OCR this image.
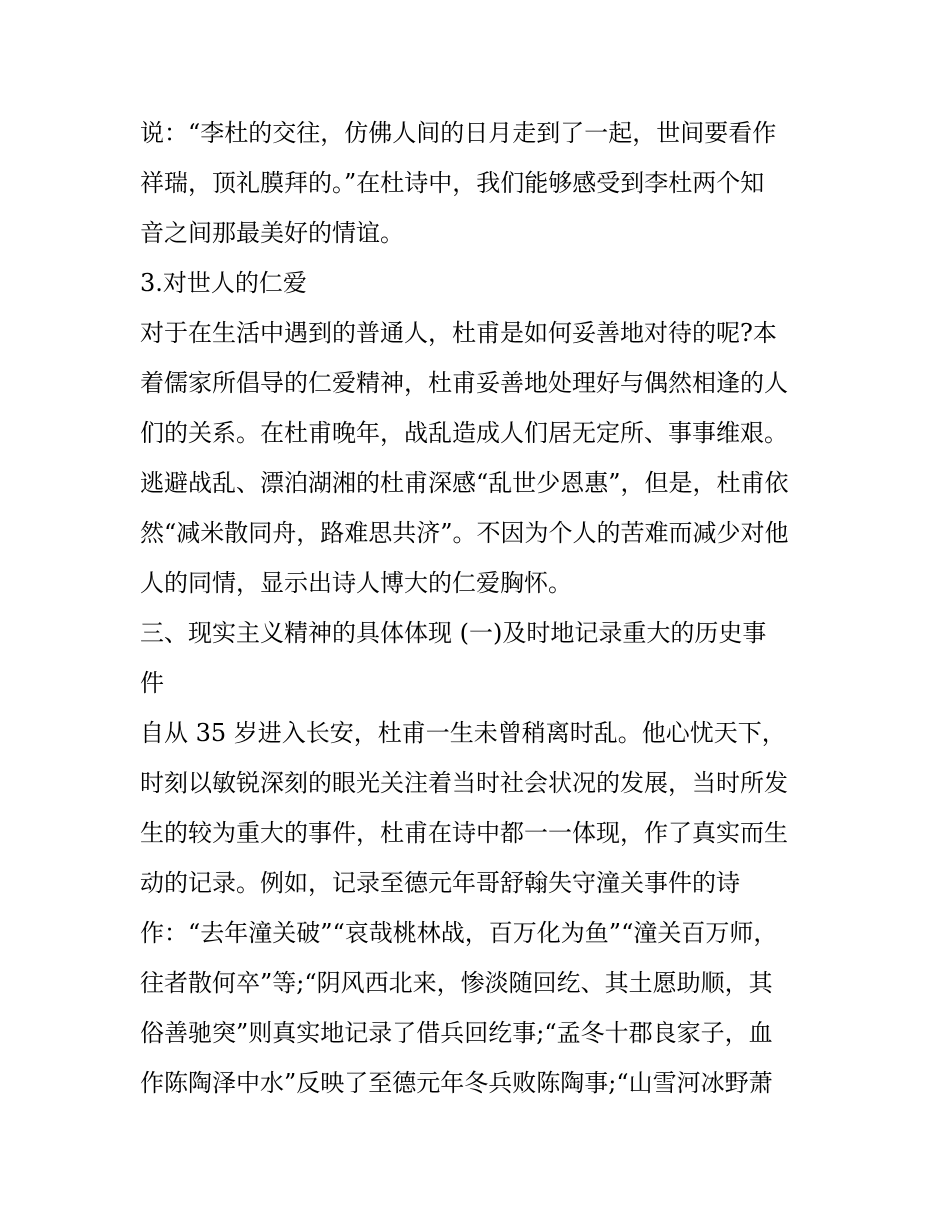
说：“李杜的交往，仿佛人间的日月走到了一起，世间要看作
祥瑞，顶礼膜拜的。”在杜诗中，我们能够感受到李杜两个知
音之间那最美好的情谊。
3.对世人的仁爱
对于在生活中遇到的普通人，杜甫是如何妥善地对待的呢?本
着儒家所倡导的仁爱精神，杜甫妥善地处理好与偶然相逢的人
们的关系。在杜甫晚年，战乱造成人们居无定所、事事维艰。
逃避战乱、漂泊湖湘的杜甫深感“乱世少恩惠”，但是，杜甫依
然“减米散同舟，路难思共济”。不因为个人的苦难而减少对他
人的同情，显示出诗人博大的仁爱胸怀。
三、现实主义精神的具体体现 (一)及时地记录重大的历史事
件
自从 35 岁进入长安，杜甫一生未曾稍离时乱。他心忧天下，
时刻以敏锐深刻的眼光关注着当时社会状况的发展，当时所发
生的较为重大的事件，杜甫在诗中都一一体现，作了真实而生
动的记录。例如，记录至德元年哥舒翰失守潼关事件的诗
作：“去年潼关破”“哀哉桃林战，百万化为鱼”“潼关百万师，
往者散何卒”等;“阴风西北来，惨淡随回纥、其土愿助顺，其
俗善驰突”则真实地记录了借兵回纥事;“孟冬十郡良家子，血
作陈陶泽中水”反映了至德元年冬兵败陈陶事;“山雪河冰野萧
